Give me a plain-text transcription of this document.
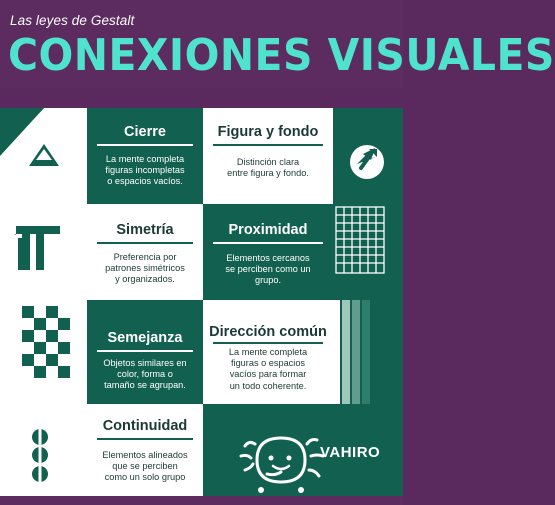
Las leyes de Gestalt
CONEXIONES VISUALES
Cierre
La mente completa
figuras incompletas
o espacios vacíos.
Figura y fondo
Distinción clara
entre figura y fondo.
Simetría
Preferencia por
patrones simétricos
y organizados.
Proximidad
Elementos cercanos
se perciben como un
grupo.
Semejanza
Objetos similares en
color, forma o
tamaño se agrupan.
Dirección común
La mente completa
figuras o espacios
vacíos para formar
un todo coherente.
Continuidad
Elementos alineados
que se perciben
como un solo grupo
VAHIRO
